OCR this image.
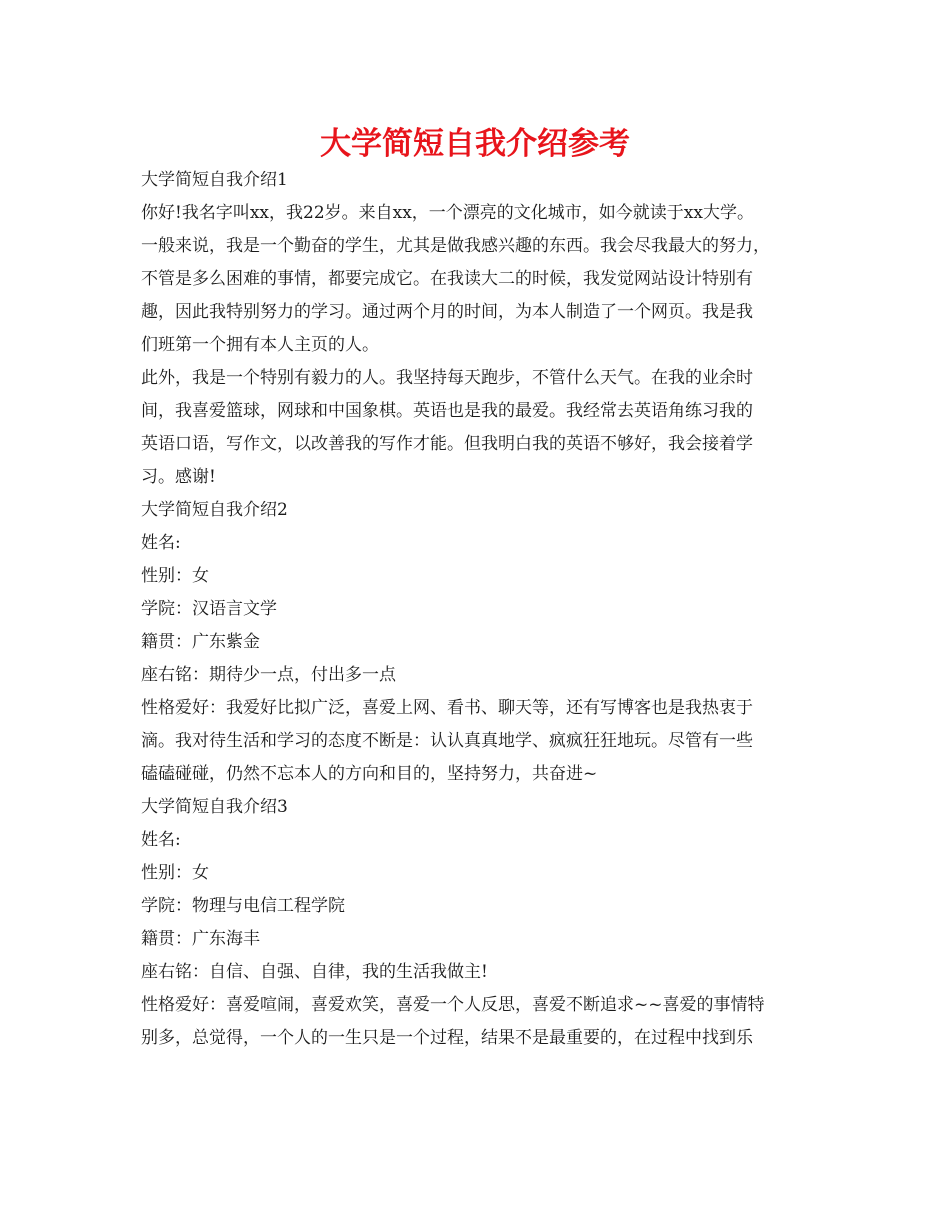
大学简短自我介绍参考

大学简短自我介绍1

你好!我名字叫xx，我22岁。来自xx，一个漂亮的文化城市，如今就读于xx大学。

一般来说，我是一个勤奋的学生，尤其是做我感兴趣的东西。我会尽我最大的努力，

不管是多么困难的事情，都要完成它。在我读大二的时候，我发觉网站设计特别有

趣，因此我特别努力的学习。通过两个月的时间，为本人制造了一个网页。我是我

们班第一个拥有本人主页的人。

此外，我是一个特别有毅力的人。我坚持每天跑步，不管什么天气。在我的业余时

间，我喜爱篮球，网球和中国象棋。英语也是我的最爱。我经常去英语角练习我的

英语口语，写作文，以改善我的写作才能。但我明白我的英语不够好，我会接着学

习。感谢!

大学简短自我介绍2

姓名:

性别：女

学院：汉语言文学

籍贯：广东紫金

座右铭：期待少一点，付出多一点

性格爱好：我爱好比拟广泛，喜爱上网、看书、聊天等，还有写博客也是我热衷于

滴。我对待生活和学习的态度不断是：认认真真地学、疯疯狂狂地玩。尽管有一些

磕磕碰碰，仍然不忘本人的方向和目的，坚持努力，共奋进~

大学简短自我介绍3

姓名:

性别：女

学院：物理与电信工程学院

籍贯：广东海丰

座右铭：自信、自强、自律，我的生活我做主!

性格爱好：喜爱喧闹，喜爱欢笑，喜爱一个人反思，喜爱不断追求~~喜爱的事情特

别多，总觉得，一个人的一生只是一个过程，结果不是最重要的，在过程中找到乐
